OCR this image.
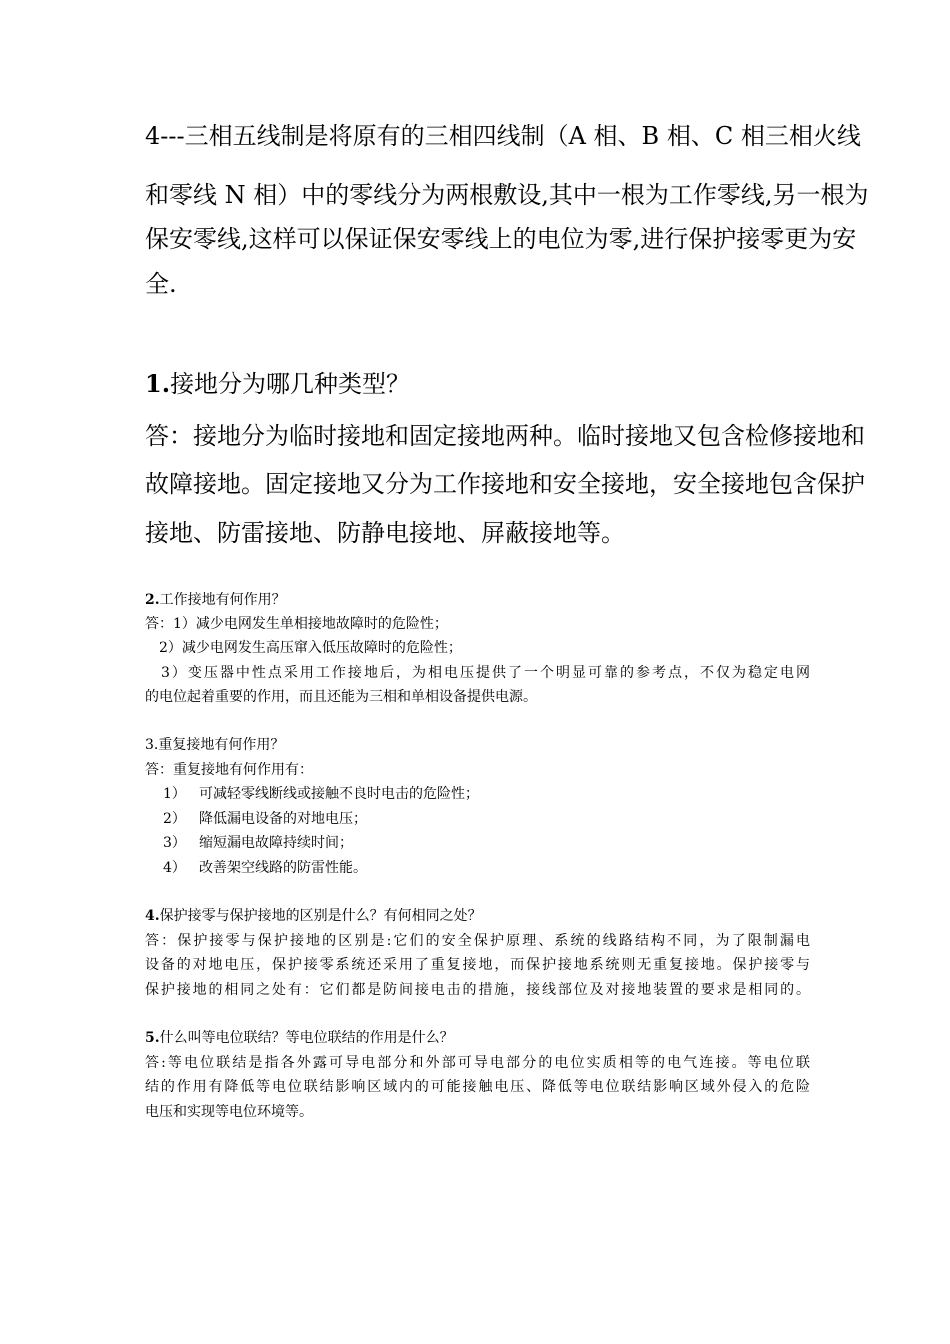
4---三相五线制是将原有的三相四线制（A 相、B 相、C 相三相火线
和零线 N 相）中的零线分为两根敷设,其中一根为工作零线,另一根为
保安零线,这样可以保证保安零线上的电位为零,进行保护接零更为安
全.
1.接地分为哪几种类型？
答：接地分为临时接地和固定接地两种。临时接地又包含检修接地和
故障接地。固定接地又分为工作接地和安全接地，安全接地包含保护
接地、防雷接地、防静电接地、屏蔽接地等。
2.工作接地有何作用？
答：1）减少电网发生单相接地故障时的危险性；
　2）减少电网发生高压窜入低压故障时的危险性；
　3）变压器中性点采用工作接地后，为相电压提供了一个明显可靠的参考点，不仅为稳定电网
的电位起着重要的作用，而且还能为三相和单相设备提供电源。
3.重复接地有何作用？
答：重复接地有何作用有：
1） 可减轻零线断线或接触不良时电击的危险性；
2） 降低漏电设备的对地电压；
3） 缩短漏电故障持续时间；
4） 改善架空线路的防雷性能。
4.保护接零与保护接地的区别是什么？有何相同之处？
答：保护接零与保护接地的区别是:它们的安全保护原理、系统的线路结构不同，为了限制漏电
设备的对地电压，保护接零系统还采用了重复接地，而保护接地系统则无重复接地。保护接零与
保护接地的相同之处有：它们都是防间接电击的措施，接线部位及对接地装置的要求是相同的。
5.什么叫等电位联结？等电位联结的作用是什么？
答:等电位联结是指各外露可导电部分和外部可导电部分的电位实质相等的电气连接。等电位联
结的作用有降低等电位联结影响区域内的可能接触电压、降低等电位联结影响区域外侵入的危险
电压和实现等电位环境等。
